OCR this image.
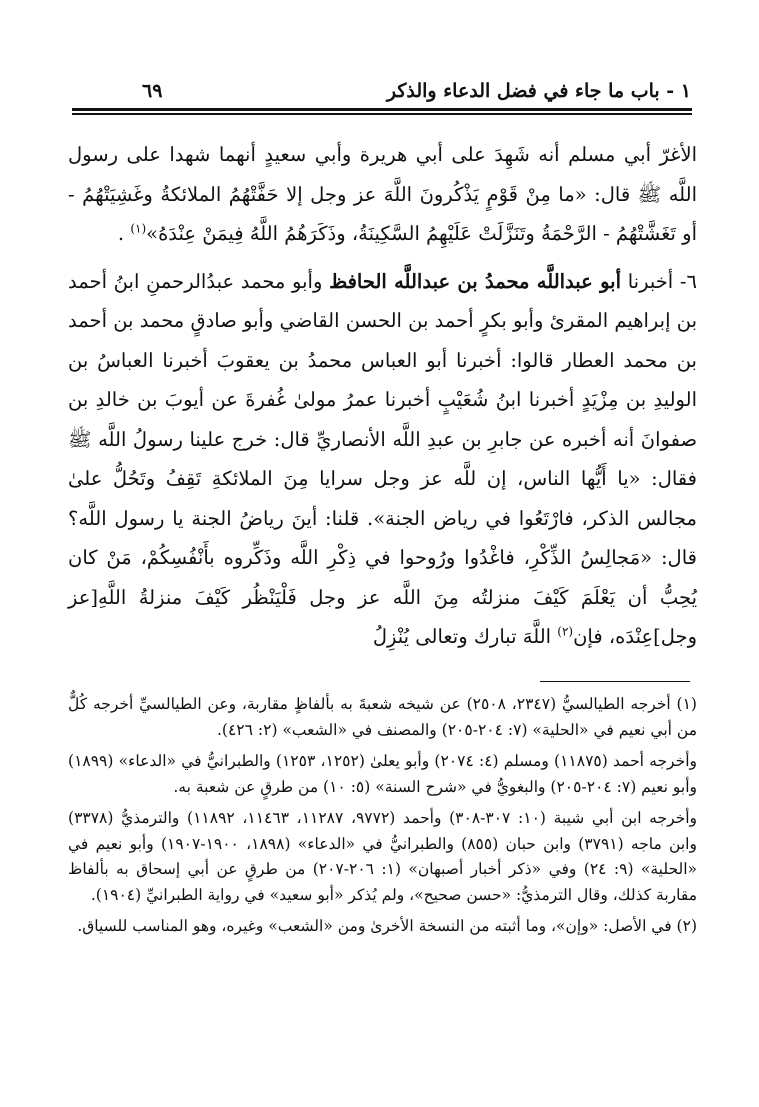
١ - باب ما جاء في فضل الدعاء والذكر
٦٩

الأغرّ أبي مسلم أنه شَهِدَ على أبي هريرة وأبي سعيدٍ أنهما شهدا على رسول اللَّه ﷺ قال: «ما مِنْ قَوْمٍ يَذْكُرونَ اللَّهَ عز وجل إلا حَفَّتْهُمُ الملائكةُ وغَشِيَتْهُمُ - أو تَغَشَّتْهُمُ - الرَّحْمَةُ وتَنَزَّلَتْ عَلَيْهِمُ السَّكِينَةُ، وذَكَرَهُمُ اللَّهُ فِيمَنْ عِنْدَهُ»$^{(١)}$ .

٦- أخبرنا أبو عبداللَّه محمدُ بن عبداللَّه الحافظ وأبو محمد عبدُالرحمنِ ابنُ أحمد بن إبراهيم المقرئ وأبو بكرٍ أحمد بن الحسن القاضي وأبو صادقٍ محمد بن أحمد بن محمد العطار قالوا: أخبرنا أبو العباس محمدُ بن يعقوبَ أخبرنا العباسُ بن الوليدِ بن مِزْيَدٍ أخبرنا ابنُ شُعَيْبٍ أخبرنا عمرُ مولىٰ غُفرةَ عن أيوبَ بن خالدِ بن صفوانَ أنه أخبره عن جابرِ بن عبدِ اللَّه الأنصاريِّ قال: خرج علينا رسولُ اللَّه ﷺ فقال: «يا أَيُّها الناس، إن للَّه عز وجل سرايا مِنَ الملائكةِ تَقِفُ وتَحُلُّ علىٰ مجالس الذكر، فارْتَعُوا في رياض الجنة». قلنا: أينَ رياضُ الجنة يا رسول اللَّه؟ قال: «مَجالِسُ الذِّكْرِ، فاغْدُوا ورُوحوا في ذِكْرِ اللَّه وذَكِّروه بأَنْفُسِكُمْ، مَنْ كان يُحِبُّ أن يَعْلَمَ كَيْفَ منزلتُه مِنَ اللَّه عز وجل فَلْيَنْظُر كَيْفَ منزلةُ اللَّهِ[عز وجل]عِنْدَه، فإن$^{(٢)}$ اللَّهَ تبارك وتعالى يُنْزِلُ

(١) أخرجه الطيالسيُّ (٢٣٤٧، ٢٥٠٨) عن شيخه شعبةَ به بألفاظٍ مقاربة، وعن الطيالسيِّ أخرجه كُلٌّ من أبي نعيم في «الحلية» (٧: ٢٠٤-٢٠٥) والمصنف في «الشعب» (٢: ٤٢٦).

وأخرجه أحمد (١١٨٧٥) ومسلم (٤: ٢٠٧٤) وأبو يعلىٰ (١٢٥٢، ١٢٥٣) والطبرانيُّ في «الدعاء» (١٨٩٩) وأبو نعيم (٧: ٢٠٤-٢٠٥) والبغويُّ في «شرح السنة» (٥: ١٠) من طرقٍ عن شعبة به.

وأخرجه ابن أبي شيبة (١٠: ٣٠٧-٣٠٨) وأحمد (٩٧٧٢، ١١٢٨٧، ١١٤٦٣، ١١٨٩٢) والترمذيُّ (٣٣٧٨) وابن ماجه (٣٧٩١) وابن حبان (٨٥٥) والطبرانيُّ في «الدعاء» (١٨٩٨، ١٩٠٠-١٩٠٧) وأبو نعيم في «الحلية» (٩: ٢٤) وفي «ذكر أخبار أصبهان» (١: ٢٠٦-٢٠٧) من طرقٍ عن أبي إسحاق به بألفاظ مقاربة كذلك، وقال الترمذيُّ: «حسن صحيح»، ولم يُذكر «أبو سعيد» في رواية الطبرانيِّ (١٩٠٤).

(٢) في الأصل: «وإن»، وما أثبته من النسخة الأخرىٰ ومن «الشعب» وغيره، وهو المناسب للسياق.
